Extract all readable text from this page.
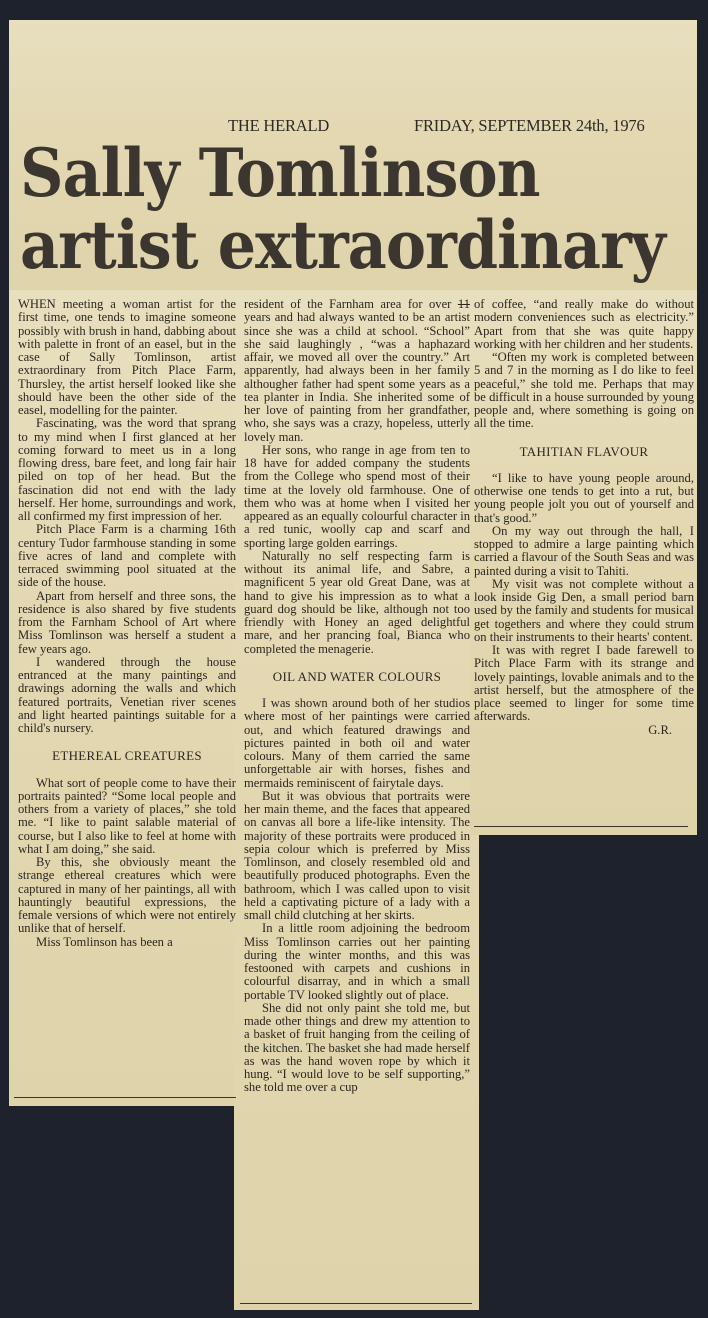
THE HERALD	FRIDAY, SEPTEMBER 24th, 1976
Sally Tomlinson
artist extraordinary

WHEN meeting a woman artist for the first time, one tends to imagine someone possibly with brush in hand, dabbing about with palette in front of an easel, but in the case of Sally Tomlinson, artist extraordinary from Pitch Place Farm, Thursley, the artist herself looked like she should have been the other side of the easel, modelling for the painter.

Fascinating, was the word that sprang to my mind when I first glanced at her coming forward to meet us in a long flowing dress, bare feet, and long fair hair piled on top of her head. But the fascination did not end with the lady herself. Her home, surroundings and work, all confirmed my first impression of her.

Pitch Place Farm is a charming 16th century Tudor farmhouse standing in some five acres of land and complete with terraced swimming pool situated at the side of the house.

Apart from herself and three sons, the residence is also shared by five students from the Farnham School of Art where Miss Tomlinson was herself a student a few years ago.

I wandered through the house entranced at the many paintings and drawings adorning the walls and which featured portraits, Venetian river scenes and light hearted paintings suitable for a child's nursery.

ETHEREAL CREATURES

What sort of people come to have their portraits painted? “Some local people and others from a variety of places,” she told me. “I like to paint salable material of course, but I also like to feel at home with what I am doing,” she said.

By this, she obviously meant the strange ethereal creatures which were captured in many of her paintings, all with hauntingly beautiful expressions, the female versions of which were not entirely unlike that of herself.

Miss Tomlinson has been a

resident of the Farnham area for over 11 years and had always wanted to be an artist since she was a child at school. “School” she said laughingly , “was a haphazard affair, we moved all over the country.” Art apparently, had always been in her family althougher father had spent some years as a tea planter in India. She inherited some of her love of painting from her grandfather, who, she says was a crazy, hopeless, utterly lovely man.

Her sons, who range in age from ten to 18 have for added company the students from the College who spend most of their time at the lovely old farmhouse. One of them who was at home when I visited her appeared as an equally colourful character in a red tunic, woolly cap and scarf and sporting large golden earrings.

Naturally no self respecting farm is without its animal life, and Sabre, a magnificent 5 year old Great Dane, was at hand to give his impression as to what a guard dog should be like, although not too friendly with Honey an aged delightful mare, and her prancing foal, Bianca who completed the menagerie.

OIL AND WATER COLOURS

I was shown around both of her studios where most of her paintings were carried out, and which featured drawings and pictures painted in both oil and water colours. Many of them carried the same unforgettable air with horses, fishes and mermaids reminiscent of fairytale days.

But it was obvious that portraits were her main theme, and the faces that appeared on canvas all bore a life-like intensity. The majority of these portraits were produced in sepia colour which is preferred by Miss Tomlinson, and closely resembled old and beautifully produced photographs. Even the bathroom, which I was called upon to visit held a captivating picture of a lady with a small child clutching at her skirts.

In a little room adjoining the bedroom Miss Tomlinson carries out her painting during the winter months, and this was festooned with carpets and cushions in colourful disarray, and in which a small portable TV looked slightly out of place.

She did not only paint she told me, but made other things and drew my attention to a basket of fruit hanging from the ceiling of the kitchen. The basket she had made herself as was the hand woven rope by which it hung. “I would love to be self supporting,” she told me over a cup

of coffee, “and really make do without modern conveniences such as electricity.” Apart from that she was quite happy working with her children and her students.

“Often my work is completed between 5 and 7 in the morning as I do like to feel peaceful,” she told me. Perhaps that may be difficult in a house surrounded by young people and, where something is going on all the time.

TAHITIAN FLAVOUR

“I like to have young people around, otherwise one tends to get into a rut, but young people jolt you out of yourself and that's good.”

On my way out through the hall, I stopped to admire a large painting which carried a flavour of the South Seas and was painted during a visit to Tahiti.

My visit was not complete without a look inside Gig Den, a small period barn used by the family and students for musical get togethers and where they could strum on their instruments to their hearts' content.

It was with regret I bade farewell to Pitch Place Farm with its strange and lovely paintings, lovable animals and to the artist herself, but the atmosphere of the place seemed to linger for some time afterwards.

G.R.
